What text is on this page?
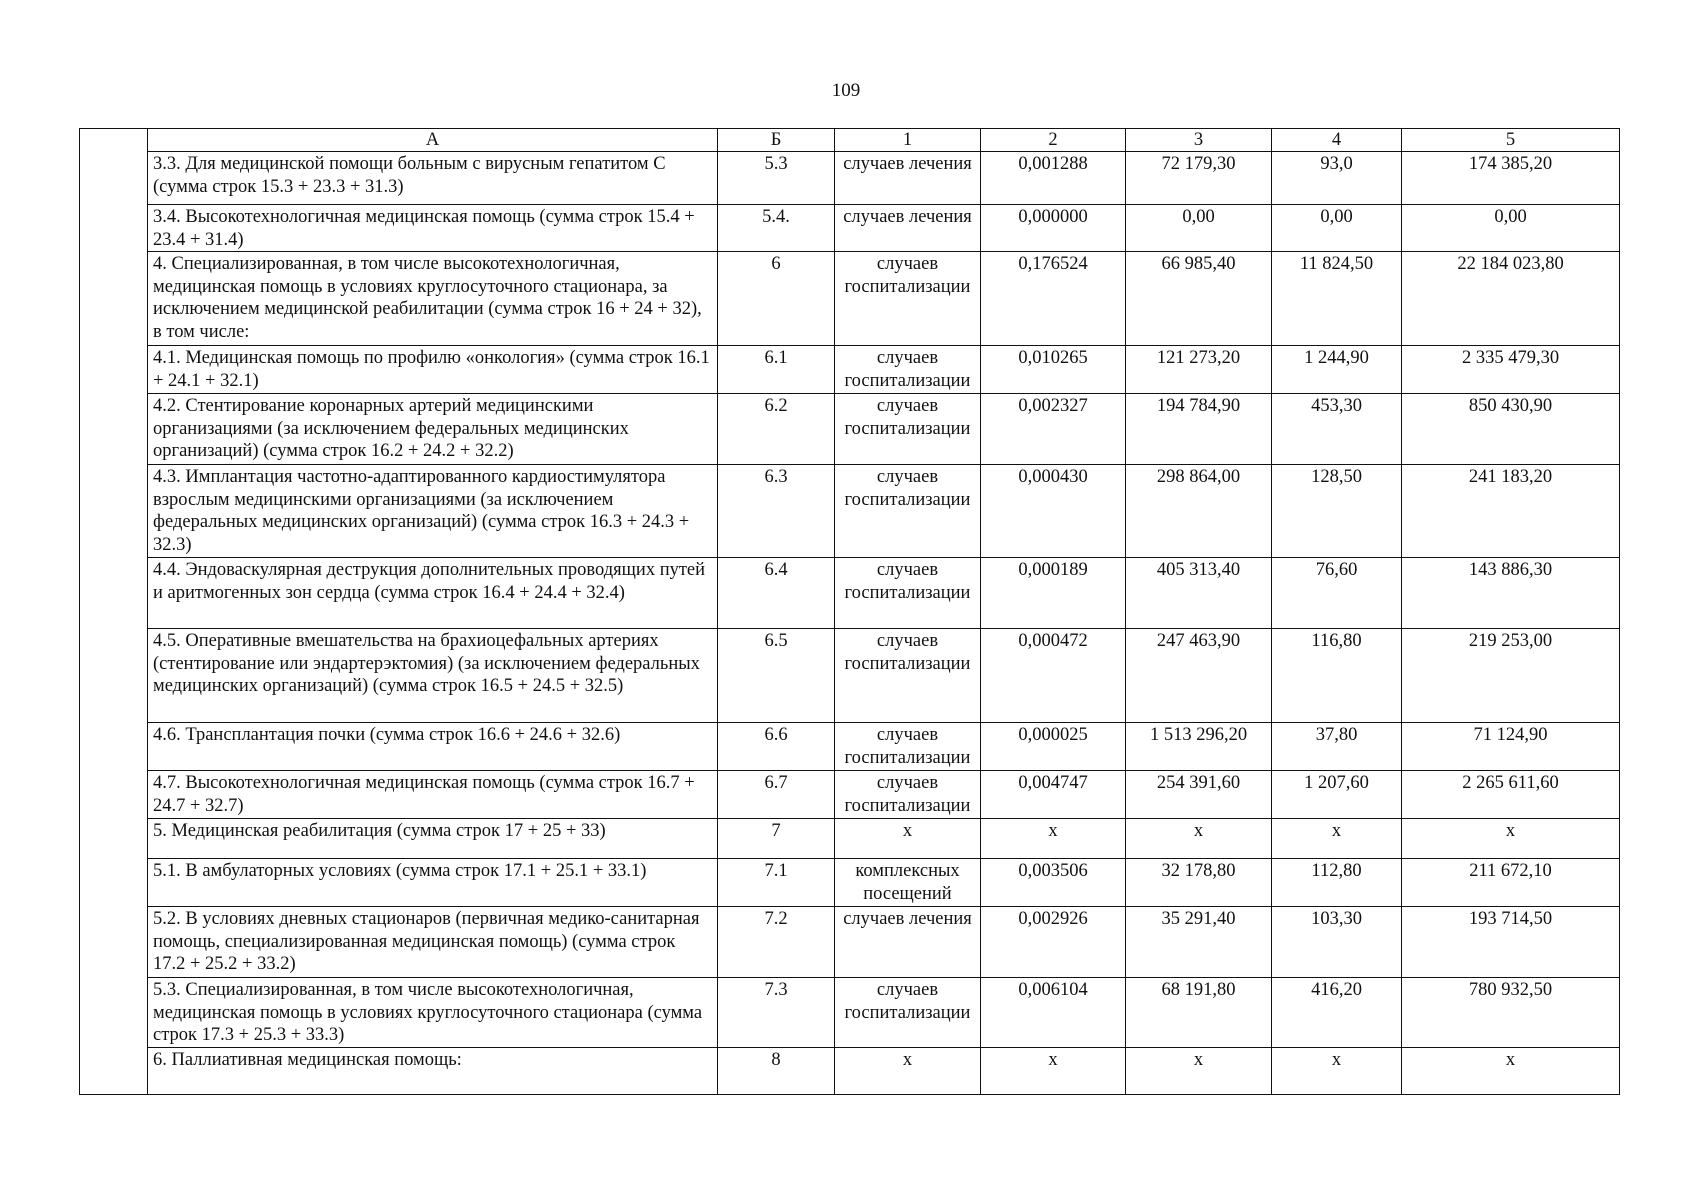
109
	А	Б	1	2	3	4	5
	3.3. Для медицинской помощи больным с вирусным гепатитом С (сумма строк 15.3 + 23.3 + 31.3)	5.3	случаев лечения	0,001288	72 179,30	93,0	174 385,20
	3.4. Высокотехнологичная медицинская помощь (сумма строк 15.4 + 23.4 + 31.4)	5.4.	случаев лечения	0,000000	0,00	0,00	0,00
	4. Специализированная, в том числе высокотехнологичная, медицинская помощь в условиях круглосуточного стационара, за исключением медицинской реабилитации (сумма строк 16 + 24 + 32), в том числе:	6	случаев госпитализации	0,176524	66 985,40	11 824,50	22 184 023,80
	4.1. Медицинская помощь по профилю «онкология» (сумма строк 16.1 + 24.1 + 32.1)	6.1	случаев госпитализации	0,010265	121 273,20	1 244,90	2 335 479,30
	4.2. Стентирование коронарных артерий медицинскими организациями (за исключением федеральных медицинских организаций) (сумма строк 16.2 + 24.2 + 32.2)	6.2	случаев госпитализации	0,002327	194 784,90	453,30	850 430,90
	4.3. Имплантация частотно-адаптированного кардиостимулятора взрослым медицинскими организациями (за исключением федеральных медицинских организаций) (сумма строк 16.3 + 24.3 + 32.3)	6.3	случаев госпитализации	0,000430	298 864,00	128,50	241 183,20
	4.4. Эндоваскулярная деструкция дополнительных проводящих путей и аритмогенных зон сердца (сумма строк 16.4 + 24.4 + 32.4)	6.4	случаев госпитализации	0,000189	405 313,40	76,60	143 886,30
	4.5. Оперативные вмешательства на брахиоцефальных артериях (стентирование или эндартерэктомия) (за исключением федеральных медицинских организаций) (сумма строк 16.5 + 24.5 + 32.5)	6.5	случаев госпитализации	0,000472	247 463,90	116,80	219 253,00
	4.6. Трансплантация почки (сумма строк 16.6 + 24.6 + 32.6)	6.6	случаев госпитализации	0,000025	1 513 296,20	37,80	71 124,90
	4.7. Высокотехнологичная медицинская помощь (сумма строк 16.7 + 24.7 + 32.7)	6.7	случаев госпитализации	0,004747	254 391,60	1 207,60	2 265 611,60
	5. Медицинская реабилитация (сумма строк 17 + 25 + 33)	7	х	х	х	х	х
	5.1. В амбулаторных условиях (сумма строк 17.1 + 25.1 + 33.1)	7.1	комплексных посещений	0,003506	32 178,80	112,80	211 672,10
	5.2. В условиях дневных стационаров (первичная медико-санитарная помощь, специализированная медицинская помощь) (сумма строк 17.2 + 25.2 + 33.2)	7.2	случаев лечения	0,002926	35 291,40	103,30	193 714,50
	5.3. Специализированная, в том числе высокотехнологичная, медицинская помощь в условиях круглосуточного стационара (сумма строк 17.3 + 25.3 + 33.3)	7.3	случаев госпитализации	0,006104	68 191,80	416,20	780 932,50
	6. Паллиативная медицинская помощь:	8	х	х	х	х	х
